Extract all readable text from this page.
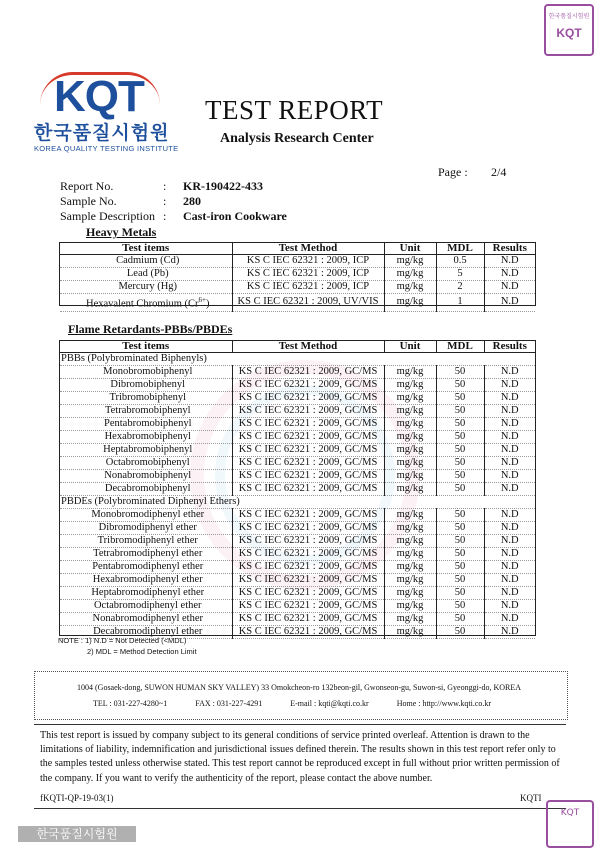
한국품질시험원
KQT
KQT
한국품질시험원
KOREA QUALITY TESTING INSTITUTE
TEST REPORT
Analysis Research Center
Page : 2/4
Report No.	:	KR-190422-433
Sample No.	:	280
Sample Description :	Cast-iron Cookware
Heavy Metals
Test items	Test Method	Unit	MDL	Results
Cadmium (Cd)	KS C IEC 62321 : 2009, ICP	mg/kg	0.5	N.D
Lead (Pb)	KS C IEC 62321 : 2009, ICP	mg/kg	5	N.D
Mercury (Hg)	KS C IEC 62321 : 2009, ICP	mg/kg	2	N.D
Hexavalent Chromium $(Cr^{6+})$	KS C IEC 62321 : 2009, UV/VIS	mg/kg	1	N.D
Flame Retardants-PBBs/PBDEs
Test items	Test Method	Unit	MDL	Results
PBBs (Polybrominated Biphenyls)				
Monobromobiphenyl	KS C IEC 62321 : 2009, GC/MS	mg/kg	50	N.D
Dibromobiphenyl	KS C IEC 62321 : 2009, GC/MS	mg/kg	50	N.D
Tribromobiphenyl	KS C IEC 62321 : 2009, GC/MS	mg/kg	50	N.D
Tetrabromobiphenyl	KS C IEC 62321 : 2009, GC/MS	mg/kg	50	N.D
Pentabromobiphenyl	KS C IEC 62321 : 2009, GC/MS	mg/kg	50	N.D
Hexabromobiphenyl	KS C IEC 62321 : 2009, GC/MS	mg/kg	50	N.D
Heptabromobiphenyl	KS C IEC 62321 : 2009, GC/MS	mg/kg	50	N.D
Octabromobiphenyl	KS C IEC 62321 : 2009, GC/MS	mg/kg	50	N.D
Nonabromobiphenyl	KS C IEC 62321 : 2009, GC/MS	mg/kg	50	N.D
Decabromobiphenyl	KS C IEC 62321 : 2009, GC/MS	mg/kg	50	N.D
PBDEs (Polybrominated Diphenyl Ethers)				
Monobromodiphenyl ether	KS C IEC 62321 : 2009, GC/MS	mg/kg	50	N.D
Dibromodiphenyl ether	KS C IEC 62321 : 2009, GC/MS	mg/kg	50	N.D
Tribromodiphenyl ether	KS C IEC 62321 : 2009, GC/MS	mg/kg	50	N.D
Tetrabromodiphenyl ether	KS C IEC 62321 : 2009, GC/MS	mg/kg	50	N.D
Pentabromodiphenyl ether	KS C IEC 62321 : 2009, GC/MS	mg/kg	50	N.D
Hexabromodiphenyl ether	KS C IEC 62321 : 2009, GC/MS	mg/kg	50	N.D
Heptabromodiphenyl ether	KS C IEC 62321 : 2009, GC/MS	mg/kg	50	N.D
Octabromodiphenyl ether	KS C IEC 62321 : 2009, GC/MS	mg/kg	50	N.D
Nonabromodiphenyl ether	KS C IEC 62321 : 2009, GC/MS	mg/kg	50	N.D
Decabromodiphenyl ether	KS C IEC 62321 : 2009, GC/MS	mg/kg	50	N.D
NOTE : 1) N.D = Not Detected (<MDL)
2) MDL = Method Detection Limit
1004 (Gosaek-dong, SUWON HUMAN SKY VALLEY) 33 Omokcheon-ro 132beon-gil, Gwonseon-gu, Suwon-si, Gyeonggi-do, KOREA
TEL : 031-227-4280~1	FAX : 031-227-4291	E-mail : kqti@kqti.co.kr	Home : http://www.kqti.co.kr
This test report is issued by company subject to its general conditions of service printed overleaf. Attention is drawn to the limitations of liability, indemnification and jurisdictional issues defined therein. The results shown in this test report refer only to the samples tested unless otherwise stated. This test report cannot be reproduced except in full without prior written permission of the company. If you want to verify the authenticity of the report, please contact the above number.
fKQTI-QP-19-03(1)	KQTI
한국품질시험원
KQT
